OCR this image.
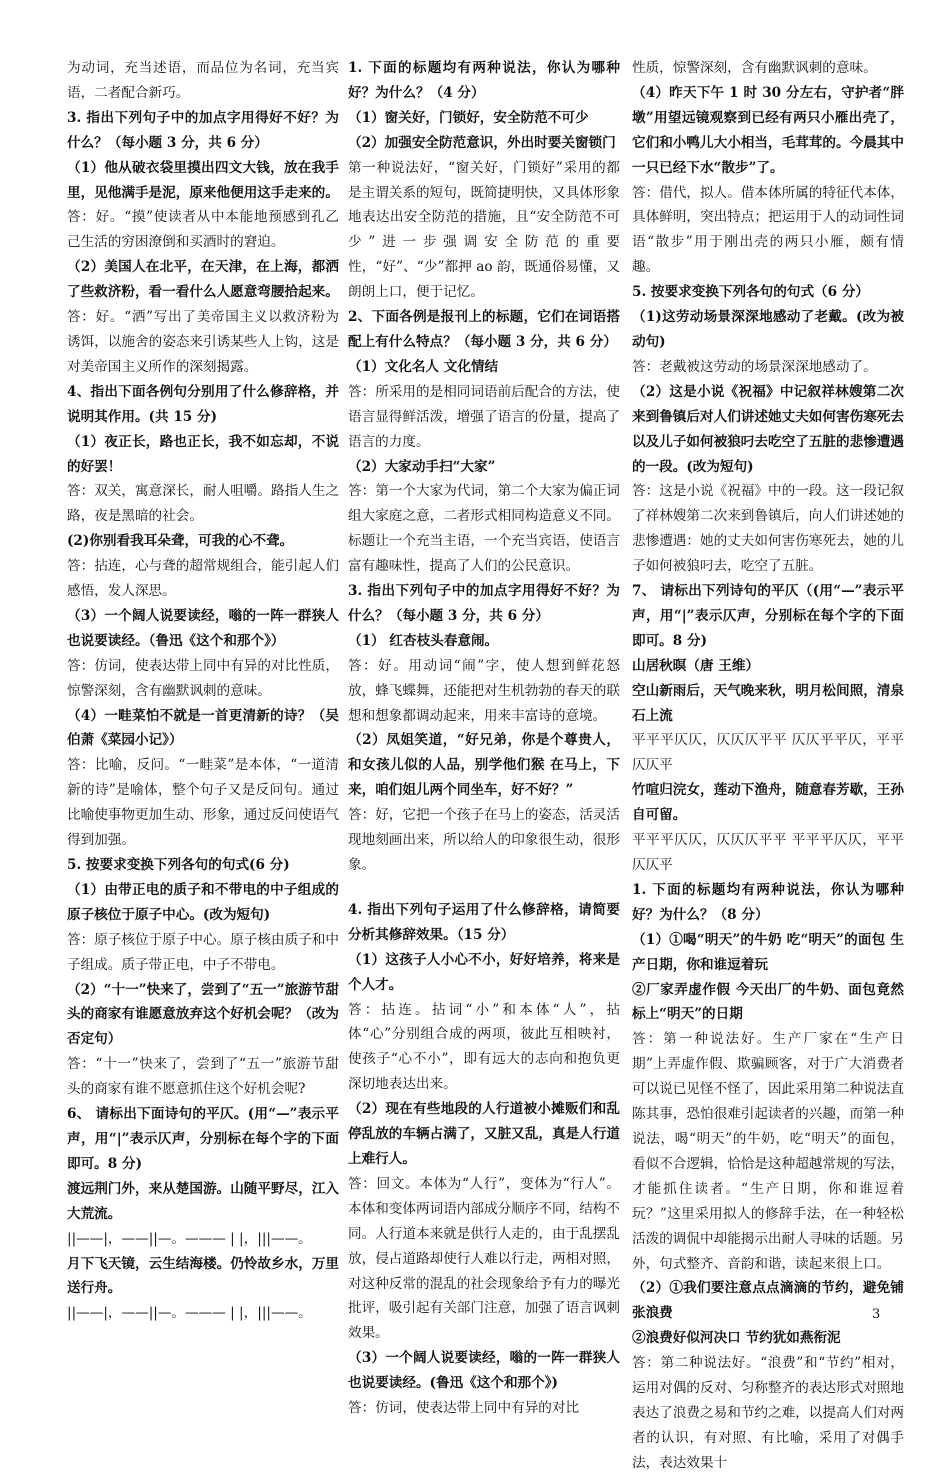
为动词，充当述语，而品位为名词，充当宾语，二者配合新巧。

3. 指出下列句子中的加点字用得好不好？为什么？（每小题 3 分，共 6 分）

（1）他从破衣袋里摸出四文大钱，放在我手里，见他满手是泥，原来他便用这手走来的。

答：好。“摸”使读者从中本能地预感到孔乙己生活的穷困潦倒和买酒时的窘迫。

（2）美国人在北平，在天津，在上海，都洒了些救济粉，看一看什么人愿意弯腰拾起来。

答：好。“洒”写出了美帝国主义以救济粉为诱饵，以施舍的姿态来引诱某些人上钩，这是对美帝国主义所作的深刻揭露。

4、指出下面各例句分别用了什么修辞格，并说明其作用。(共 15 分)

（1）夜正长，路也正长，我不如忘却，不说的好罢！

答：双关，寓意深长，耐人咀嚼。路指人生之路，夜是黑暗的社会。

(2)你别看我耳朵聋，可我的心不聋。

答：拈连，心与聋的超常规组合，能引起人们感悟，发人深思。

（3）一个阔人说要读经，嗡的一阵一群狭人也说要读经。（鲁迅《这个和那个》）

答：仿词，使表达带上同中有异的对比性质，惊警深刻，含有幽默讽刺的意味。

（4）一畦菜怕不就是一首更清新的诗？（吴伯萧《菜园小记》）

答：比喻，反问。“一畦菜”是本体，“一道清新的诗”是喻体，整个句子又是反问句。通过比喻使事物更加生动、形象，通过反问使语气得到加强。

5. 按要求变换下列各句的句式(6 分)

（1）由带正电的质子和不带电的中子组成的原子核位于原子中心。(改为短句)

答：原子核位于原子中心。原子核由质子和中子组成。质子带正电，中子不带电。

（2）“十一”快来了，尝到了“五一”旅游节甜头的商家有谁愿意放弃这个好机会呢？（改为否定句）

答：“十一”快来了，尝到了“五一”旅游节甜头的商家有谁不愿意抓住这个好机会呢?

6、 请标出下面诗句的平仄。(用“—”表示平声，用“|”表示仄声，分别标在每个字的下面即可。8 分)

渡远荆门外，来从楚国游。山随平野尽，江入大荒流。

||——|，——||—。——— | |，|||——。

月下飞天镜，云生结海楼。仍怜故乡水，万里送行舟。

||——|，——||—。——— | |，|||——。

1. 下面的标题均有两种说法，你认为哪种好？为什么？（4 分）

（1）窗关好，门锁好，安全防范不可少

（2）加强安全防范意识，外出时要关窗锁门

第一种说法好，“窗关好，门锁好”采用的都是主谓关系的短句，既简捷明快，又具体形象地表达出安全防范的措施，且“安全防范不可少”进一步强调安全防范的重要性，“好”、“少”都押 ao 韵，既通俗易懂，又朗朗上口，便于记忆。

2、下面各例是报刊上的标题，它们在词语搭配上有什么特点？（每小题 3 分，共 6 分）

（1）文化名人 文化情结

答：所采用的是相同词语前后配合的方法，使语言显得鲜活泼，增强了语言的份量，提高了语言的力度。

（2）大家动手扫“大家”

答：第一个大家为代词，第二个大家为偏正词组大家庭之意，二者形式相同构造意义不同。标题让一个充当主语，一个充当宾语，使语言富有趣味性，提高了人们的公民意识。

3. 指出下列句子中的加点字用得好不好？为什么？（每小题 3 分，共 6 分）

（1） 红杏枝头春意闹。

答：好。用动词“闹”字，使人想到鲜花怒放，蜂飞蝶舞，还能把对生机勃勃的春天的联想和想象都调动起来，用来丰富诗的意境。

（2）凤姐笑道，“好兄弟，你是个尊贵人，和女孩儿似的人品，别学他们猴 在马上，下来，咱们姐儿两个同坐车，好不好？”

答：好，它把一个孩子在马上的姿态，活灵活现地刻画出来，所以给人的印象很生动，很形象。

4. 指出下列句子运用了什么修辞格，请简要分析其修辞效果。（15 分）

（1）这孩子人小心不小，好好培养，将来是个人才。

答：拈连。拈词“小”和本体“人”，拈体“心”分别组合成的两项，彼此互相映衬，使孩子“心不小”，即有远大的志向和抱负更深切地表达出来。

（2）现在有些地段的人行道被小摊贩们和乱停乱放的车辆占满了，又脏又乱，真是人行道上难行人。

答：回文。本体为“人行”，变体为“行人”。本体和变体两词语内部成分顺序不同，结构不同。人行道本来就是供行人走的，由于乱摆乱放，侵占道路却使行人难以行走，两相对照，对这种反常的混乱的社会现象给予有力的曝光批评，吸引起有关部门注意，加强了语言讽刺效果。

（3）一个阔人说要读经，嗡的一阵一群狭人也说要读经。(鲁迅《这个和那个》)

答：仿词，使表达带上同中有异的对比

性质，惊警深刻，含有幽默讽刺的意味。

（4）昨天下午 1 时 30 分左右，守护者“胖墩”用望远镜观察到已经有两只小雁出壳了，它们和小鸭儿大小相当，毛茸茸的。今晨其中一只已经下水“散步”了。

答：借代，拟人。借本体所属的特征代本体，具体鲜明，突出特点；把运用于人的动词性词语“散步”用于刚出壳的两只小雁，颇有情趣。

5. 按要求变换下列各句的句式（6 分）

（1)这劳动场景深深地感动了老戴。(改为被动句)

答：老戴被这劳动的场景深深地感动了。

（2）这是小说《祝福》中记叙祥林嫂第二次来到鲁镇后对人们讲述她丈夫如何害伤寒死去以及儿子如何被狼叼去吃空了五脏的悲惨遭遇的一段。(改为短句)

答：这是小说《祝福》中的一段。这一段记叙了祥林嫂第二次来到鲁镇后，向人们讲述她的悲惨遭遇：她的丈夫如何害伤寒死去，她的儿子如何被狼叼去，吃空了五脏。

7、 请标出下列诗句的平仄（(用“—”表示平声，用“|”表示仄声，分别标在每个字的下面即可。8 分)

山居秋暝（唐 王维）

空山新雨后，天气晚来秋，明月松间照，清泉石上流

平平平仄仄，仄仄仄平平 仄仄平平仄，平平仄仄平

竹喧归浣女，莲动下渔舟，随意春芳歇，王孙自可留。

平平平仄仄，仄仄仄平平 平平平仄仄，平平仄仄平

1. 下面的标题均有两种说法，你认为哪种好？为什么？（8 分）

（1）①喝“明天”的牛奶 吃“明天”的面包 生产日期，你和谁逗着玩

②厂家弄虚作假 今天出厂的牛奶、面包竟然标上“明天”的日期

答：第一种说法好。生产厂家在“生产日期”上弄虚作假、欺骗顾客，对于广大消费者可以说已见怪不怪了，因此采用第二种说法直陈其事，恐怕很难引起读者的兴趣，而第一种说法，喝“明天”的牛奶，吃“明天”的面包，看似不合逻辑，恰恰是这种超越常规的写法，才能抓住读者。“生产日期，你和谁逗着玩？”这里采用拟人的修辞手法，在一种轻松活泼的调侃中却能揭示出耐人寻味的话题。另外，句式整齐、音韵和谐，读起来很上口。

（2）①我们要注意点点滴滴的节约，避免铺张浪费

②浪费好似河决口 节约犹如燕衔泥

答：第二种说法好。“浪费”和“节约”相对，运用对偶的反对、匀称整齐的表达形式对照地表达了浪费之易和节约之难，以提高人们对两者的认识，有对照、有比喻，采用了对偶手法，表达效果十

3
